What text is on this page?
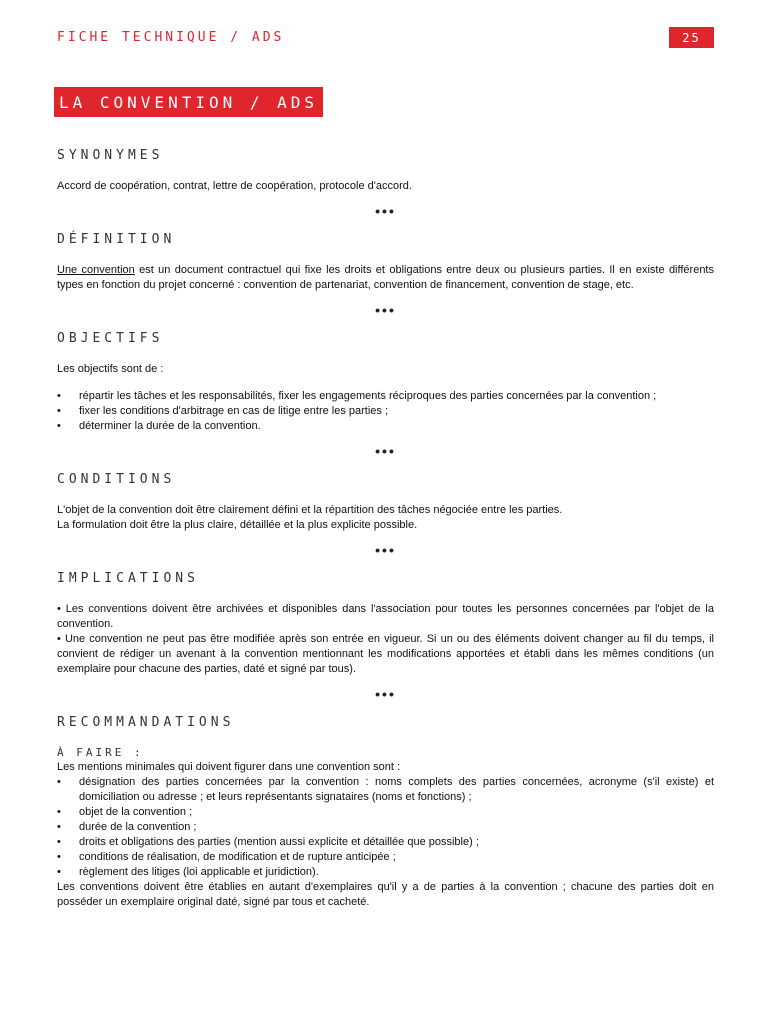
FICHE TECHNIQUE / ADS	25
LA CONVENTION / ADS
SYNONYMES

Accord de coopération, contrat, lettre de coopération, protocole d'accord.

•••
DÉFINITION

Une convention est un document contractuel qui fixe les droits et obligations entre deux ou plusieurs parties. Il en existe différents types en fonction du projet concerné : convention de partenariat, convention de financement, convention de stage, etc.

•••
OBJECTIFS

Les objectifs sont de :

• répartir les tâches et les responsabilités, fixer les engagements réciproques des parties concernées par la convention ;
• fixer les conditions d'arbitrage en cas de litige entre les parties ;
• déterminer la durée de la convention.
•••
CONDITIONS

L'objet de la convention doit être clairement défini et la répartition des tâches négociée entre les parties.

La formulation doit être la plus claire, détaillée et la plus explicite possible.

•••
IMPLICATIONS

• Les conventions doivent être archivées et disponibles dans l'association pour toutes les personnes concernées par l'objet de la convention.

• Une convention ne peut pas être modifiée après son entrée en vigueur. Si un ou des éléments doivent changer au fil du temps, il convient de rédiger un avenant à la convention mentionnant les modifications apportées et établi dans les mêmes conditions (un exemplaire pour chacune des parties, daté et signé par tous).

•••
RECOMMANDATIONS
À FAIRE :

Les mentions minimales qui doivent figurer dans une convention sont :

• désignation des parties concernées par la convention : noms complets des parties concernées, acronyme (s'il existe) et domiciliation ou adresse ; et leurs représentants signataires (noms et fonctions) ;
• objet de la convention ;
• durée de la convention ;
• droits et obligations des parties (mention aussi explicite et détaillée que possible) ;
• conditions de réalisation, de modification et de rupture anticipée ;
• règlement des litiges (loi applicable et juridiction).

Les conventions doivent être établies en autant d'exemplaires qu'il y a de parties à la convention ; chacune des parties doit en posséder un exemplaire original daté, signé par tous et cacheté.
